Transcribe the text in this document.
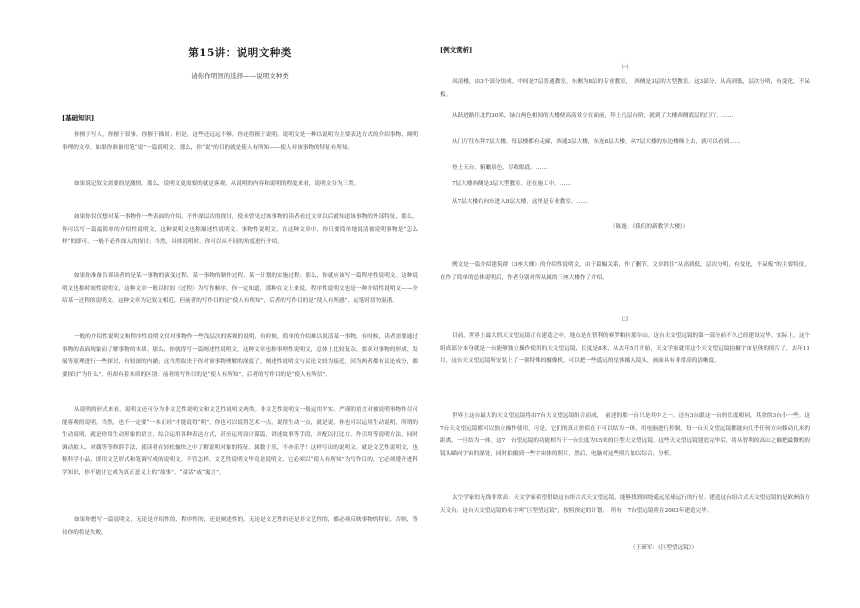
第15讲：说明文种类
请你作明智的选择——说明文种类
[基础知识]

你擅于写人，你擅于叙事，你擅于描景；但是，这些还远远不够，你还得擅于说明。说明文是一种以说明为主要表达方式的介绍事物、阐明事理的文章。如果你准备用笔“说”一篇说明文，那么，你“说”的目的就是使人有所知——使人对该事物的特征有所知。

如果说记叙文需要的是激情，那么，说明文更需要的就是客观。从说明的内容和说明的程度来看，说明文分为三类。

如果你仅仅想对某一事物作一些表面的介绍，不作深层次的探讨，使未曾见过该事物的读者看过文章以后就知道该事物的外部特征，那么，你可以写一篇最简单的介绍性说明文，这种说明文也称描述性说明文。事物性说明文，在这种文章中，你只要简单地说清被说明事物是“怎么样”的即可，一般不必作深入的探讨；当然，具体说明时，你可以从不同的角度进行介绍。

如果你准备告诉读者的是某一事物的演变过程、某一事物的制作过程、某一计划的实施过程；那么，你就应该写一篇程序性说明文。这种说明文也称时间性说明文，这种文章一般以时间（过程）为写作顺序，你一定知道，那种在文上来说，程序性说明文也是一种介绍性说明文——介绍某一过程的说明文。这种文章为记叙文相近，但前者的写作目的是“使人有所知”，后者的写作目的是“使人有所感”，运笔时切勿混淆。

一般的介绍性说明文和程序性说明文仅对事物作一些浅层次的客观的说明，有时候，简单的介绍难以说清某一事物，有时候，读者需要通过事物的表面现象而了解事物的本质；那么，你就得写一篇阐述性说明文。这种文章也称事理性说明文，总体上比较复杂，要求对事物的形成、发展等原理进行一些探讨，有较深的内涵；这当然取决于你对该事物理解的深度了。阐述性说明文与议论文较为接近，因为两者都有议论成分，都要探讨“为什么”，但却有着本质的区别：前者的写作目的是“使人有所知”，后者的写作目的是“使人有所信”。

从说明的形式来看，说明文还可分为非文艺性说明文和文艺性说明文两类。非文艺性说明文一般运用平实、严谨的语言对被说明事物作尽可能客观的说明。当然，也不一定要“一本正经”才能说得“明”，你也可以说得艺术一点，说得生动一点，就是说，你也可以运用生动说明，所谓的生动说明，就是你用生动形象的语言，综合运用各种表达方式，甚至运用设计谋篇，讲述故事等手段，并配以打比方、作引用等说明方法，同时调动拟人、对偶等等修辞手法，使读者在轻松愉快之中了解说明对象的特征。属数于乐，不亦乐乎！这样写出的说明文，就是文艺性说明文，也称科学小品，即用文艺形式和笔调写成的说明文。不管怎样，文艺性说明文毕竟是说明文，它必须以“使人有所知”为写作目的，它必须遵介进科学知识，你不能让它成为真正意义上的“故事”、“童话”或“寓言”。

如果你想写一篇说明文，无论是介绍性的、程序性的，还是阐述性的，无论是文艺性的还是非文艺性的，都必须反映事物的特征，否则，等待你的将是失败。

[例文赏析]
㈠

凤凌楼，由3个部分组成。中间是7层普通教室，东侧为8层的专业教室，　西侧是3层的大型教室。这3部分，从高到低，层次分明，有变化，不呆板。

从跃进路往北约30米，绿白两色相间的大楼便高高耸立在面前，拜上几层台阶，就到了大楼西侧底层的门厅。……

从门厅往东拜7层大楼，每层楼都有走廊，西通3层大楼，东连8层大楼。从7层大楼的东边楼梯上去，就可以看到……

登上天台，俯瞰景色，尽收眼底。……

7层大楼西侧是3层大型教室，还在施工中。……

从7层大楼右向东进入8层大楼，这里是专业教室。……

（陈逸：《我们的新教学大楼》）

例文是一篇介绍建筑群（3座大楼）的介绍性说明文，由于篇幅关系，作了删节。文章抓住“从高到低，层次分明，有变化，不呆板”的主要特征，在作了简单的总体说明后，作者分别对所从属的三座大楼作了介绍。

㈡

目前，世界上最大的天文望远镜正在建造之中，地点是在智利的赛罗帕拉那尔山。这台天文望远镜的第一部分前不久已经建设完毕。实际上，这个组成部分本身就是一台能够独立操作使用的天文望远镜，长度是8米，从去年5月开始，天文学家就用这个天文望远镜拍摄宇宙星体的照片了。去年11月，这台天文望远镜所安装上了一架特殊的摄像机，可以把一些遥远的星体摄入镜头，画面具有非常高的清晰度。

世界上这台最大的天文望远镜将由7台天文望远镜组合而成，　前述的那一台只是其中之一，还有3台跟这一台的长度相同，其余的3台小一些。这7台天文望远镜都可以独立操作使用，可是，它们的真正价值在于可以结为一体，用电脑进行控制。每一台天文望远镜都能向几乎任何方向移动几米的距离，一旦结为一体，这7　台望远镜的功能相当于一台长度为15米的巨型天文望远镜。这些天文望远镜建造完毕后，将从智利的高山之巅把最微机的镜头瞄向宇宙的深处，同时拍摄到一些宇宙体的照片，然后，电脑对这些照片加以综合、分析。

太空学家的无线非常高：天文学家希望借助这台组合式天文望远镜，能够找到围绕遥远星球运行的行星。建造这台组合式天文望远镜的是欧洲南方天文台，这台天文望远镜的名字叫“巨型望远镜”，按照预定的计划，　所有　7台望远镜将在2003年建造完毕。

（王研军：《巨型望远镜》）
